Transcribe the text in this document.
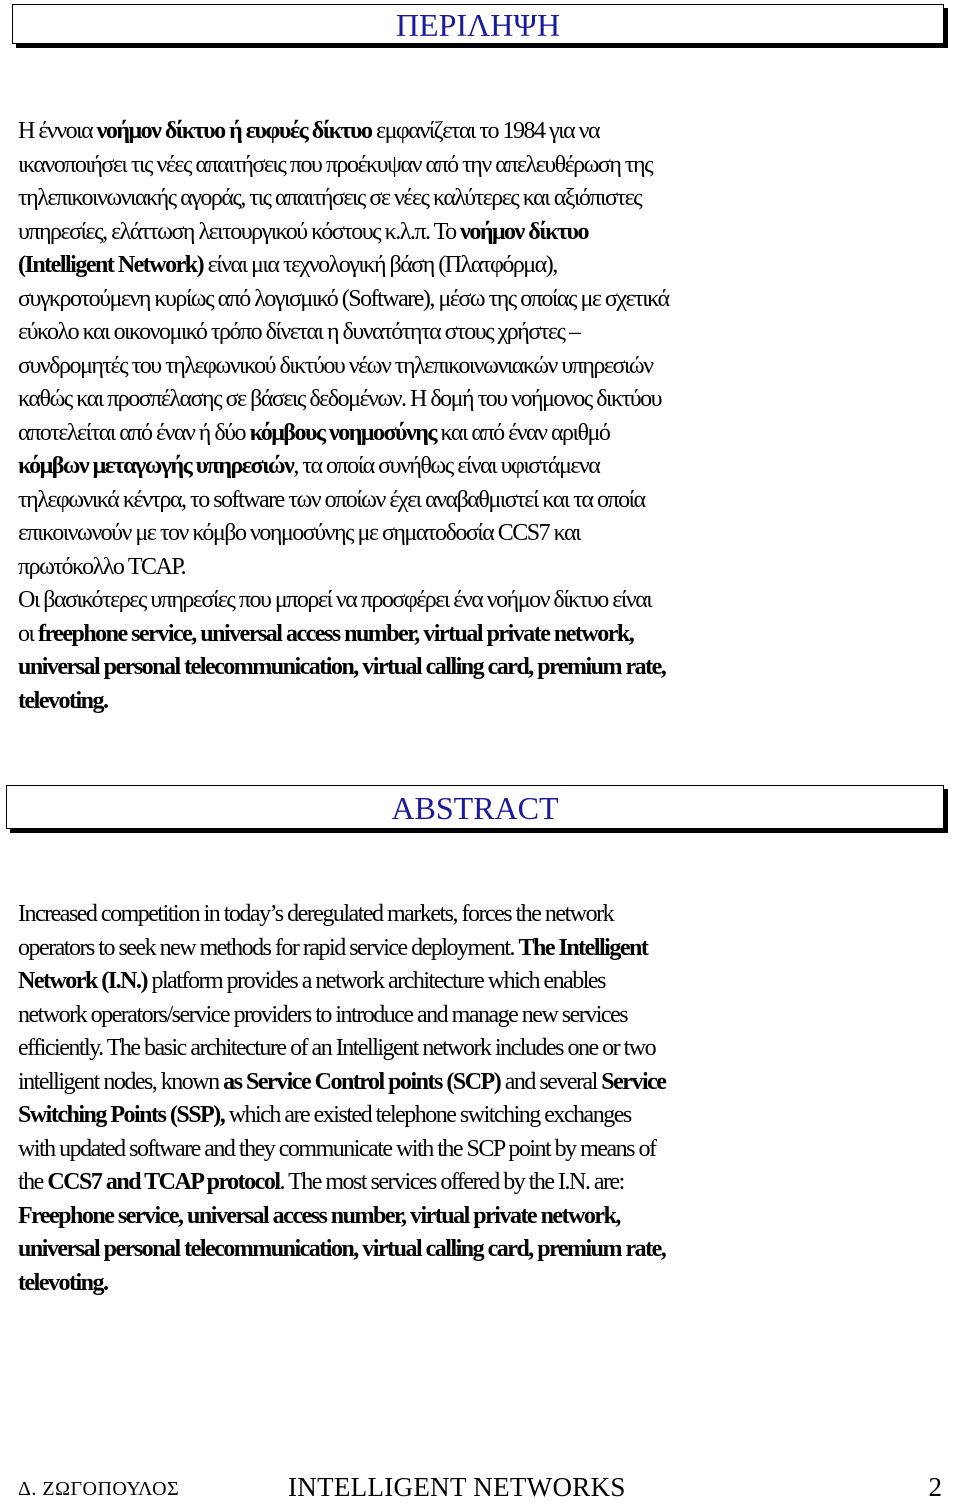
ΠΕΡΙΛΗΨΗ
Η έννοια νοήμον δίκτυο ή ευφυές δίκτυο εμφανίζεται το 1984 για να
ικανοποιήσει τις νέες απαιτήσεις που προέκυψαν από την απελευθέρωση της
τηλεπικοινωνιακής αγοράς, τις απαιτήσεις σε νέες καλύτερες και αξιόπιστες
υπηρεσίες, ελάττωση λειτουργικού κόστους κ.λ.π. Το νοήμον δίκτυο
(Intelligent Network) είναι μια τεχνολογική βάση (Πλατφόρμα),
συγκροτούμενη κυρίως από λογισμικό (Software), μέσω της οποίας με σχετικά
εύκολο και οικονομικό τρόπο δίνεται η δυνατότητα στους χρήστες –
συνδρομητές του τηλεφωνικού δικτύου νέων τηλεπικοινωνιακών υπηρεσιών
καθώς και προσπέλασης σε βάσεις δεδομένων. Η δομή του νοήμονος δικτύου
αποτελείται από έναν ή δύο κόμβους νοημοσύνης και από έναν αριθμό
κόμβων μεταγωγής υπηρεσιών, τα οποία συνήθως είναι υφιστάμενα
τηλεφωνικά κέντρα, το software των οποίων έχει αναβαθμιστεί και τα οποία
επικοινωνούν με τον κόμβο νοημοσύνης με σηματοδοσία CCS7 και
πρωτόκολλο TCAP.
Οι βασικότερες υπηρεσίες που μπορεί να προσφέρει ένα νοήμον δίκτυο είναι
οι freephone service, universal access number, virtual private network,
universal personal telecommunication, virtual calling card, premium rate,
televoting.
ABSTRACT
Increased competition in today’s deregulated markets, forces the network
operators to seek new methods for rapid service deployment. The Intelligent
Network (I.N.) platform provides a network architecture which enables
network operators/service providers to introduce and manage new services
efficiently. The basic architecture of an Intelligent network includes one or two
intelligent nodes, known as Service Control points (SCP) and several Service
Switching Points (SSP), which are existed telephone switching exchanges
with updated software and they communicate with the SCP point by means of
the CCS7 and TCAP protocol. The most services offered by the I.N. are:
Freephone service, universal access number, virtual private network,
universal personal telecommunication, virtual calling card, premium rate,
televoting.
Δ. ΖΩΓΟΠΟΥΛΟΣ	INTELLIGENT NETWORKS	2
